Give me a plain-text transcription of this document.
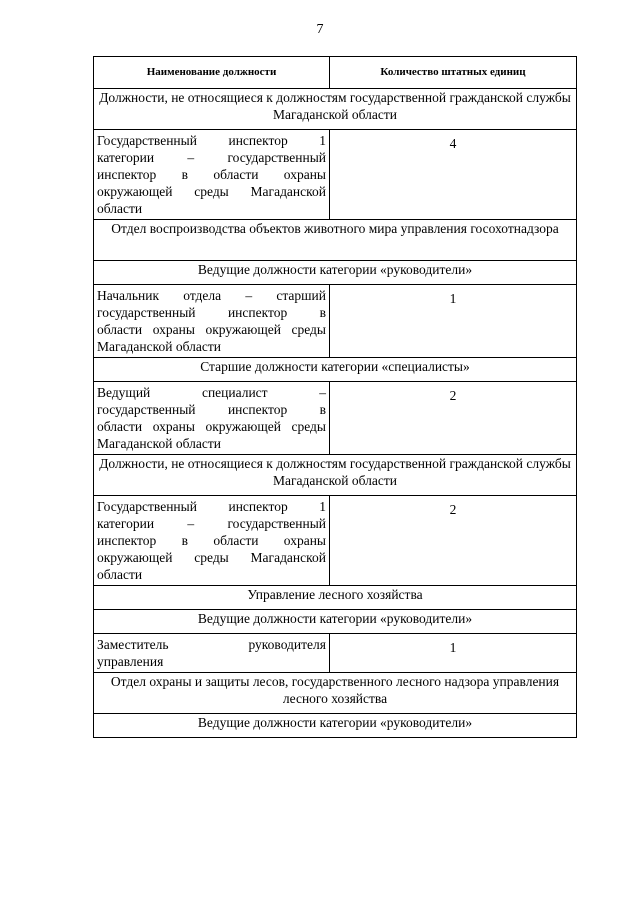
7
Наименование должности	Количество штатных единиц
Должности, не относящиеся к должностям государственной гражданской службы Магаданской области	

Государственный инспектор 1
категории – государственный
инспектор в области охраны
окружающей среды Магаданской
области	4
Отдел воспроизводства объектов животного мира управления госохотнадзора	
Ведущие должности категории «руководители»	

Начальник отдела – старший
государственный инспектор в
области охраны окружающей среды
Магаданской области	1
Старшие должности категории «специалисты»	

Ведущий специалист –
государственный инспектор в
области охраны окружающей среды
Магаданской области	2
Должности, не относящиеся к должностям государственной гражданской службы Магаданской области	

Государственный инспектор 1
категории – государственный
инспектор в области охраны
окружающей среды Магаданской
области	2
Управление лесного хозяйства	
Ведущие должности категории «руководители»	

Заместитель руководителя
управления	1
Отдел охраны и защиты лесов, государственного лесного надзора управления лесного хозяйства	
Ведущие должности категории «руководители»	
